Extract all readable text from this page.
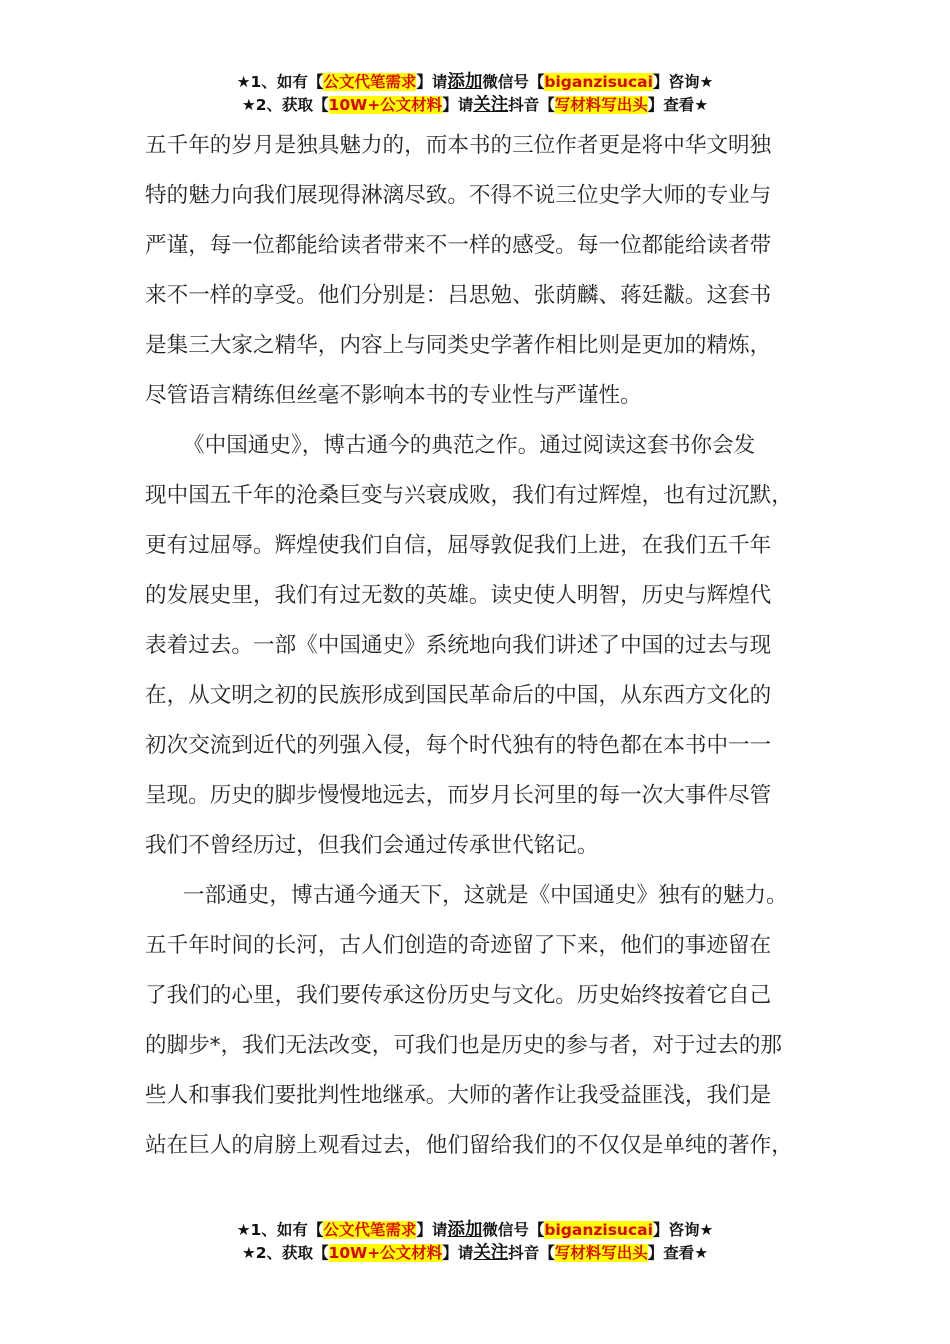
★1、如有【公文代笔需求】请添加微信号【biganzisucai】咨询★
★2、获取【10W+公文材料】请关注抖音【写材料写出头】查看★

五千年的岁月是独具魅力的，而本书的三位作者更是将中华文明独
特的魅力向我们展现得淋漓尽致。不得不说三位史学大师的专业与
严谨，每一位都能给读者带来不一样的感受。每一位都能给读者带
来不一样的享受。他们分别是：吕思勉、张荫麟、蒋廷黻。这套书
是集三大家之精华，内容上与同类史学著作相比则是更加的精炼，
尽管语言精练但丝毫不影响本书的专业性与严谨性。

《中国通史》，博古通今的典范之作。通过阅读这套书你会发
现中国五千年的沧桑巨变与兴衰成败，我们有过辉煌，也有过沉默，
更有过屈辱。辉煌使我们自信，屈辱敦促我们上进，在我们五千年
的发展史里，我们有过无数的英雄。读史使人明智，历史与辉煌代
表着过去。一部《中国通史》系统地向我们讲述了中国的过去与现
在，从文明之初的民族形成到国民革命后的中国，从东西方文化的
初次交流到近代的列强入侵，每个时代独有的特色都在本书中一一
呈现。历史的脚步慢慢地远去，而岁月长河里的每一次大事件尽管
我们不曾经历过，但我们会通过传承世代铭记。

一部通史，博古通今通天下，这就是《中国通史》独有的魅力。
五千年时间的长河，古人们创造的奇迹留了下来，他们的事迹留在
了我们的心里，我们要传承这份历史与文化。历史始终按着它自己
的脚步*，我们无法改变，可我们也是历史的参与者，对于过去的那
些人和事我们要批判性地继承。大师的著作让我受益匪浅，我们是
站在巨人的肩膀上观看过去，他们留给我们的不仅仅是单纯的著作，

★1、如有【公文代笔需求】请添加微信号【biganzisucai】咨询★
★2、获取【10W+公文材料】请关注抖音【写材料写出头】查看★
